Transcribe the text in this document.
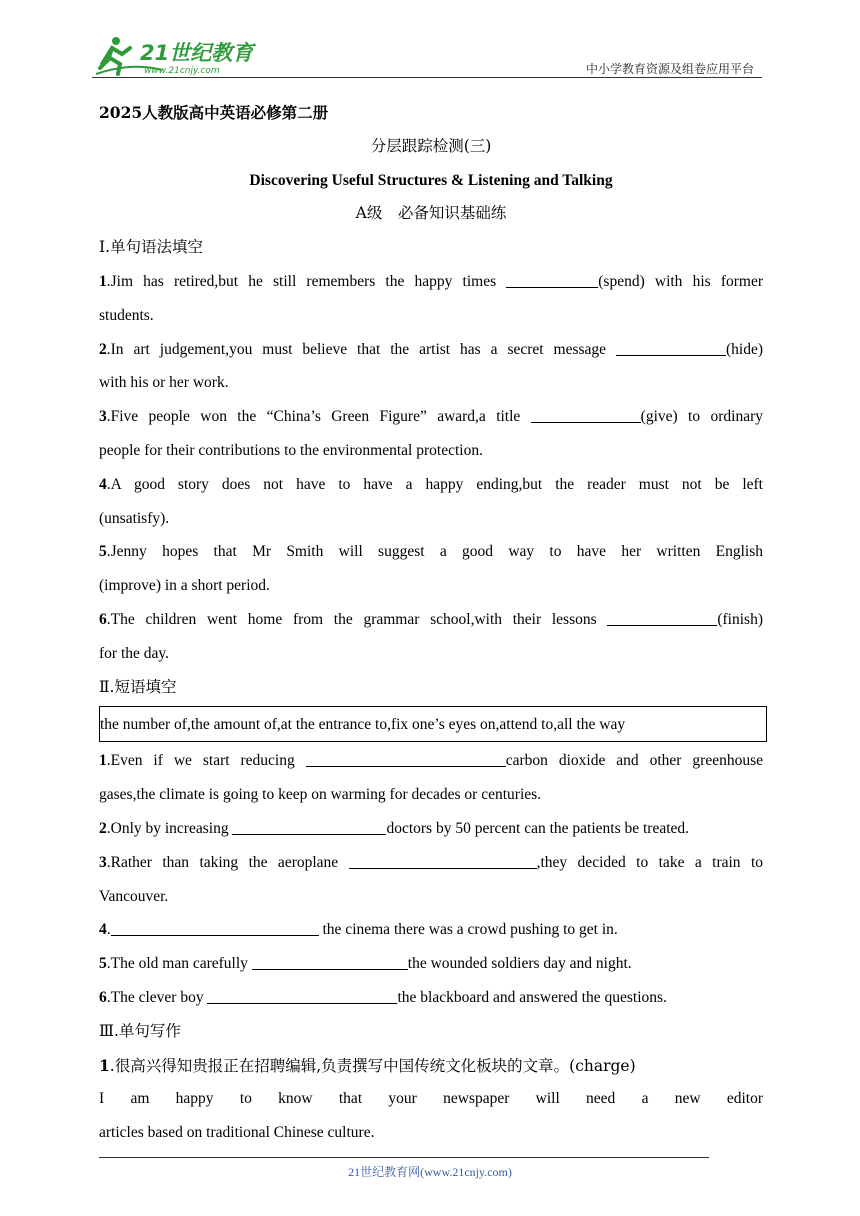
21世纪教育
www.21cnjy.com	中小学教育资源及组卷应用平台
2025人教版高中英语必修第二册
分层跟踪检测(三)
Discovering Useful Structures & Listening and Talking
A级　必备知识基础练
Ⅰ.单句语法填空
1.Jim has retired,but he still remembers the happy times	(spend) with his former
students.
2.In art judgement,you must believe that the artist has a secret message	(hide)
with his or her work.
3.Five people won the “China’s Green Figure” award,a title	(give) to ordinary
people for their contributions to the environmental protection.
4.A good story does not have to have a happy ending,but the reader must not be left
(unsatisfy).
5.Jenny hopes that Mr Smith will suggest a good way to have her written English
(improve) in a short period.
6.The children went home from the grammar school,with their lessons	(finish)
for the day.
Ⅱ.短语填空
the number of,the amount of,at the entrance to,fix one’s eyes on,attend to,all the way
1.Even if we start reducing	carbon dioxide and other greenhouse
gases,the climate is going to keep on warming for decades or centuries.
2.Only by increasing	doctors by 50 percent can the patients be treated.
3.Rather than taking the aeroplane	,they decided to take a train to
Vancouver.
4.	the cinema there was a crowd pushing to get in.
5.The old man carefully	the wounded soldiers day and night.
6.The clever boy	the blackboard and answered the questions.
Ⅲ.单句写作
1.很高兴得知贵报正在招聘编辑,负责撰写中国传统文化板块的文章。(charge)
I am happy to know that your newspaper will need a new editor
articles based on traditional Chinese culture.
21世纪教育网(www.21cnjy.com)
